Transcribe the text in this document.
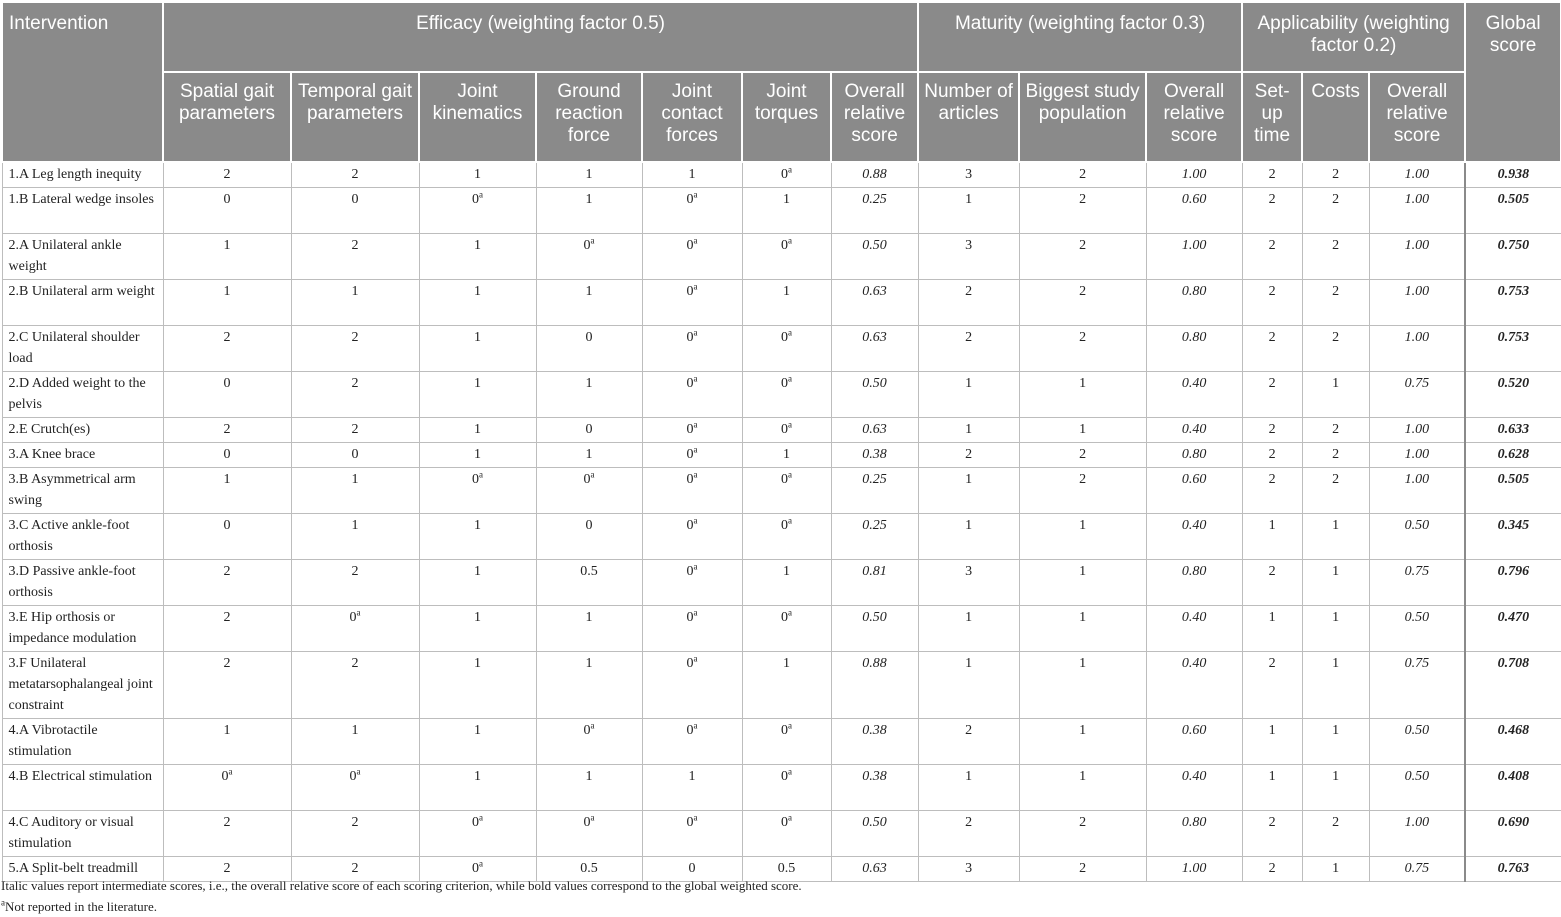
Intervention	Efficacy (weighting factor 0.5)							Maturity (weighting factor 0.3)			Applicability (weighting factor 0.2)			Global score
	Spatial gait parameters	Temporal gait parameters	Joint kinematics	Ground reaction force	Joint contact forces	Joint torques	Overall relative score	Number of articles	Biggest study population	Overall relative score	Set-up time	Costs	Overall relative score	
1.A Leg length inequity	2	2	1	1	1	0$^a$	0.88	3	2	1.00	2	2	1.00	0.938
1.B Lateral wedge insoles	0	0	0$^a$	1	0$^a$	1	0.25	1	2	0.60	2	2	1.00	0.505
2.A Unilateral ankle weight	1	2	1	0$^a$	0$^a$	0$^a$	0.50	3	2	1.00	2	2	1.00	0.750
2.B Unilateral arm weight	1	1	1	1	0$^a$	1	0.63	2	2	0.80	2	2	1.00	0.753
2.C Unilateral shoulder load	2	2	1	0	0$^a$	0$^a$	0.63	2	2	0.80	2	2	1.00	0.753
2.D Added weight to the pelvis	0	2	1	1	0$^a$	0$^a$	0.50	1	1	0.40	2	1	0.75	0.520
2.E Crutch(es)	2	2	1	0	0$^a$	0$^a$	0.63	1	1	0.40	2	2	1.00	0.633
3.A Knee brace	0	0	1	1	0$^a$	1	0.38	2	2	0.80	2	2	1.00	0.628
3.B Asymmetrical arm swing	1	1	0$^a$	0$^a$	0$^a$	0$^a$	0.25	1	2	0.60	2	2	1.00	0.505
3.C Active ankle-foot orthosis	0	1	1	0	0$^a$	0$^a$	0.25	1	1	0.40	1	1	0.50	0.345
3.D Passive ankle-foot orthosis	2	2	1	0.5	0$^a$	1	0.81	3	1	0.80	2	1	0.75	0.796
3.E Hip orthosis or impedance modulation	2	0$^a$	1	1	0$^a$	0$^a$	0.50	1	1	0.40	1	1	0.50	0.470
3.F Unilateral metatarsophalangeal joint constraint	2	2	1	1	0$^a$	1	0.88	1	1	0.40	2	1	0.75	0.708
4.A Vibrotactile stimulation	1	1	1	0$^a$	0$^a$	0$^a$	0.38	2	1	0.60	1	1	0.50	0.468
4.B Electrical stimulation	0$^a$	0$^a$	1	1	1	0$^a$	0.38	1	1	0.40	1	1	0.50	0.408
4.C Auditory or visual stimulation	2	2	0$^a$	0$^a$	0$^a$	0$^a$	0.50	2	2	0.80	2	2	1.00	0.690
5.A Split-belt treadmill	2	2	0$^a$	0.5	0	0.5	0.63	3	2	1.00	2	1	0.75	0.763

Italic values report intermediate scores, i.e., the overall relative score of each scoring criterion, while bold values correspond to the global weighted score.

$^a$Not reported in the literature.
